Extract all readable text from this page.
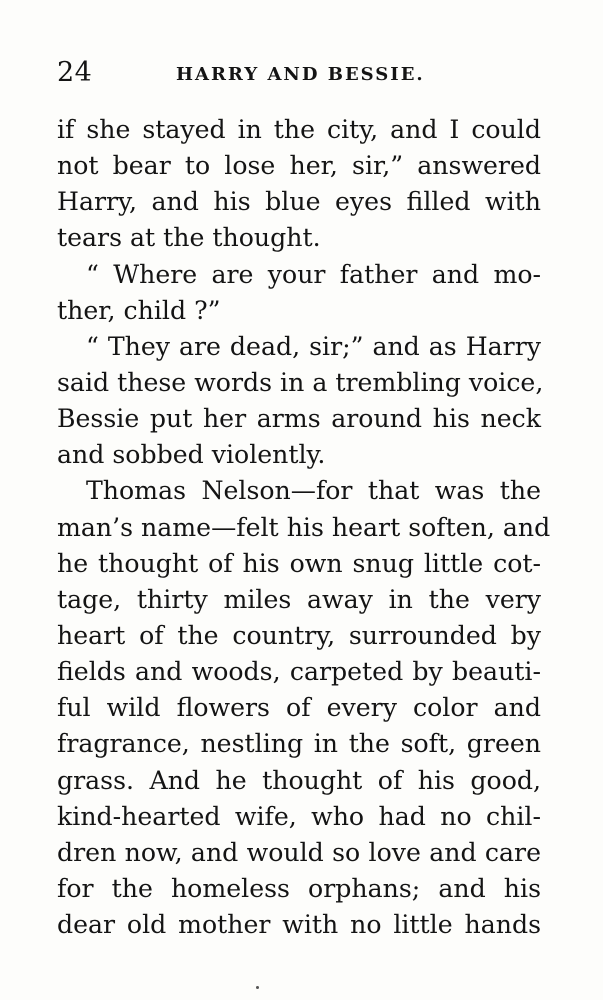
24	HARRY AND BESSIE.
if she stayed in the city, and I could
not bear to lose her, sir,” answered
Harry, and his blue eyes filled with
tears at the thought.
“ Where are your father and mo-
ther, child ?”
“ They are dead, sir;” and as Harry
said these words in a trembling voice,
Bessie put her arms around his neck
and sobbed violently.
Thomas Nelson—for that was the
man’s name—felt his heart soften, and
he thought of his own snug little cot-
tage, thirty miles away in the very
heart of the country, surrounded by
fields and woods, carpeted by beauti-
ful wild flowers of every color and
fragrance, nestling in the soft, green
grass. And he thought of his good,
kind-hearted wife, who had no chil-
dren now, and would so love and care
for the homeless orphans; and his
dear old mother with no little hands
